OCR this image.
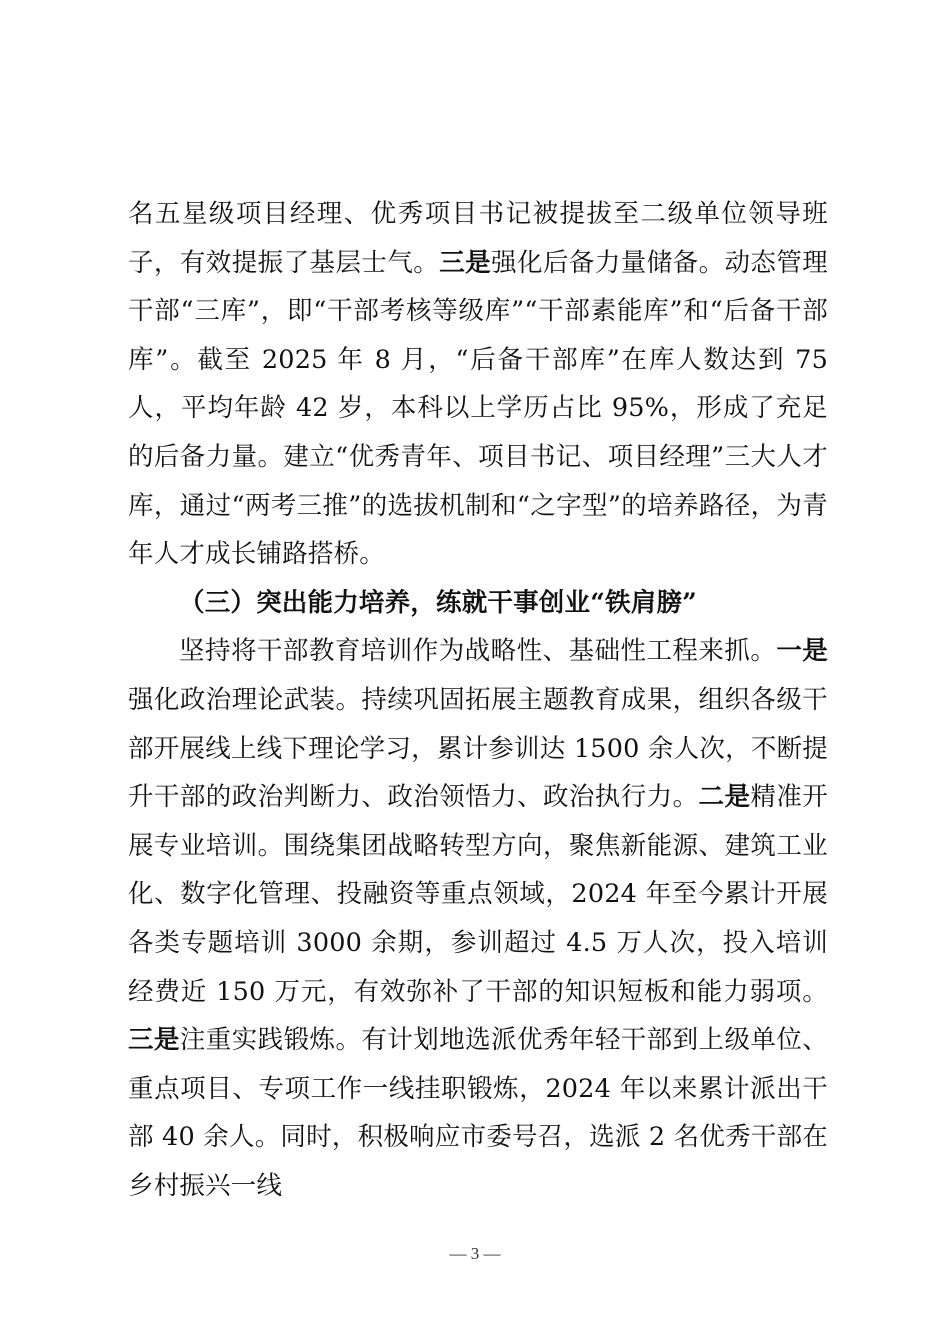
名五星级项目经理、优秀项目书记被提拔至二级单位领导班子，有效提振了基层士气。三是强化后备力量储备。动态管理干部“三库”，即“干部考核等级库”“干部素能库”和“后备干部库”。截至 2025 年 8 月，“后备干部库”在库人数达到 75 人，平均年龄 42 岁，本科以上学历占比 95%，形成了充足的后备力量。建立“优秀青年、项目书记、项目经理”三大人才库，通过“两考三推”的选拔机制和“之字型”的培养路径，为青年人才成长铺路搭桥。

（三）突出能力培养，练就干事创业“铁肩膀”

坚持将干部教育培训作为战略性、基础性工程来抓。一是强化政治理论武装。持续巩固拓展主题教育成果，组织各级干部开展线上线下理论学习，累计参训达 1500 余人次，不断提升干部的政治判断力、政治领悟力、政治执行力。二是精准开展专业培训。围绕集团战略转型方向，聚焦新能源、建筑工业化、数字化管理、投融资等重点领域，2024 年至今累计开展各类专题培训 3000 余期，参训超过 4.5 万人次，投入培训经费近 150 万元，有效弥补了干部的知识短板和能力弱项。三是注重实践锻炼。有计划地选派优秀年轻干部到上级单位、重点项目、专项工作一线挂职锻炼，2024 年以来累计派出干部 40 余人。同时，积极响应市委号召，选派 2 名优秀干部在乡村振兴一线

— 3 —
